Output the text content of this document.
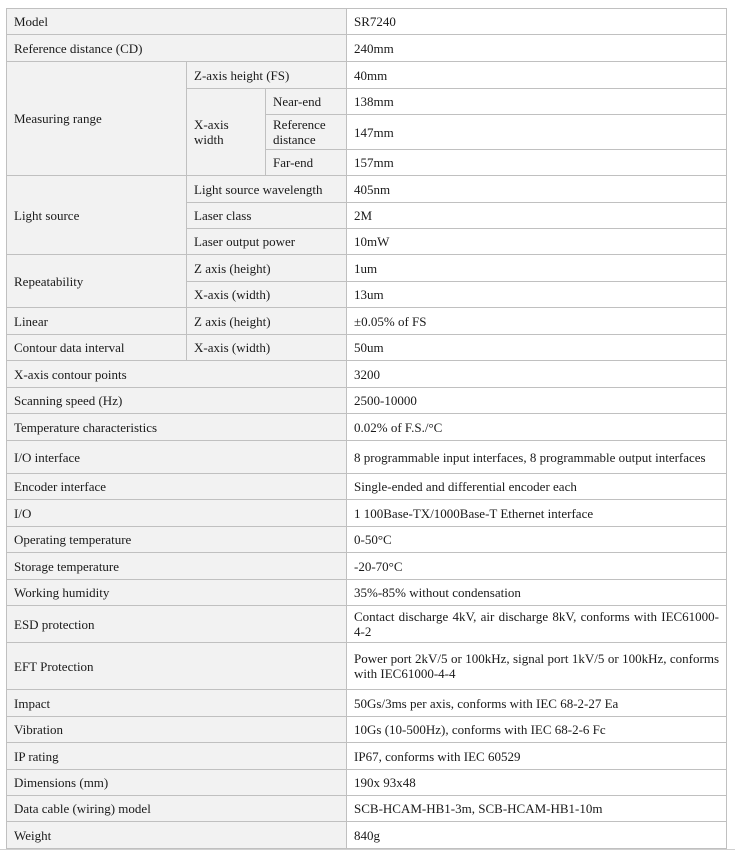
Model			SR7240
Reference distance (CD)			240mm
Measuring range	Z-axis height (FS)		40mm
	X-axis width	Near-end	138mm
		Reference distance	147mm
		Far-end	157mm
Light source	Light source wavelength		405nm
	Laser class		2M
	Laser output power		10mW
Repeatability	Z axis (height)		1um
	X-axis (width)		13um
Linear	Z axis (height)		±0.05% of FS
Contour data interval	X-axis (width)		50um
X-axis contour points			3200
Scanning speed (Hz)			2500-10000
Temperature characteristics			0.02% of F.S./°C
I/O interface			8 programmable input interfaces, 8 programmable output interfaces
Encoder interface			Single-ended and differential encoder each
I/O			1 100Base-TX/1000Base-T Ethernet interface
Operating temperature			0-50°C
Storage temperature			-20-70°C
Working humidity			35%-85% without condensation
ESD protection			Contact discharge 4kV, air discharge 8kV, conforms with IEC61000-4-2
EFT Protection			Power port 2kV/5 or 100kHz, signal port 1kV/5 or 100kHz, conforms with IEC61000-4-4
Impact			50Gs/3ms per axis, conforms with IEC 68-2-27 Ea
Vibration			10Gs (10-500Hz), conforms with IEC 68-2-6 Fc
IP rating			IP67, conforms with IEC 60529
Dimensions (mm)			190x 93x48
Data cable (wiring) model			SCB-HCAM-HB1-3m, SCB-HCAM-HB1-10m
Weight			840g
